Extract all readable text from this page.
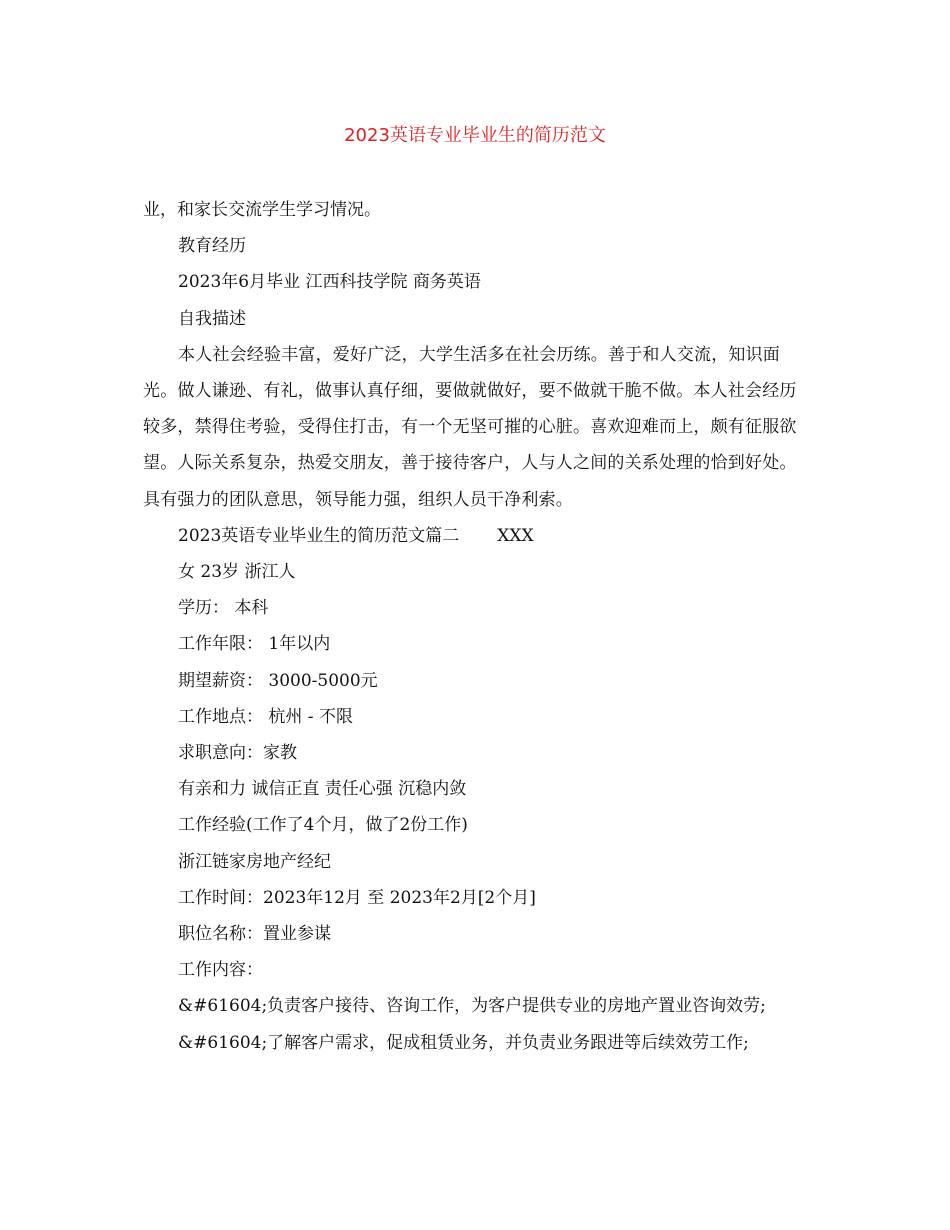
2023英语专业毕业生的简历范文

业，和家长交流学生学习情况。

教育经历

2023年6月毕业 江西科技学院 商务英语

自我描述

本人社会经验丰富，爱好广泛，大学生活多在社会历练。善于和人交流，知识面光。做人谦逊、有礼，做事认真仔细，要做就做好，要不做就干脆不做。本人社会经历较多，禁得住考验，受得住打击，有一个无坚可摧的心脏。喜欢迎难而上，颇有征服欲望。人际关系复杂，热爱交朋友，善于接待客户，人与人之间的关系处理的恰到好处。具有强力的团队意思，领导能力强，组织人员干净利索。

2023英语专业毕业生的简历范文篇二 XXX

女 23岁 浙江人

学历： 本科

工作年限： 1年以内

期望薪资： 3000-5000元

工作地点： 杭州 - 不限

求职意向：家教

有亲和力 诚信正直 责任心强 沉稳内敛

工作经验(工作了4个月，做了2份工作)

浙江链家房地产经纪

工作时间：2023年12月 至 2023年2月[2个月]

职位名称：置业参谋

工作内容：

&#61604;负责客户接待、咨询工作，为客户提供专业的房地产置业咨询效劳;

&#61604;了解客户需求，促成租赁业务，并负责业务跟进等后续效劳工作;
